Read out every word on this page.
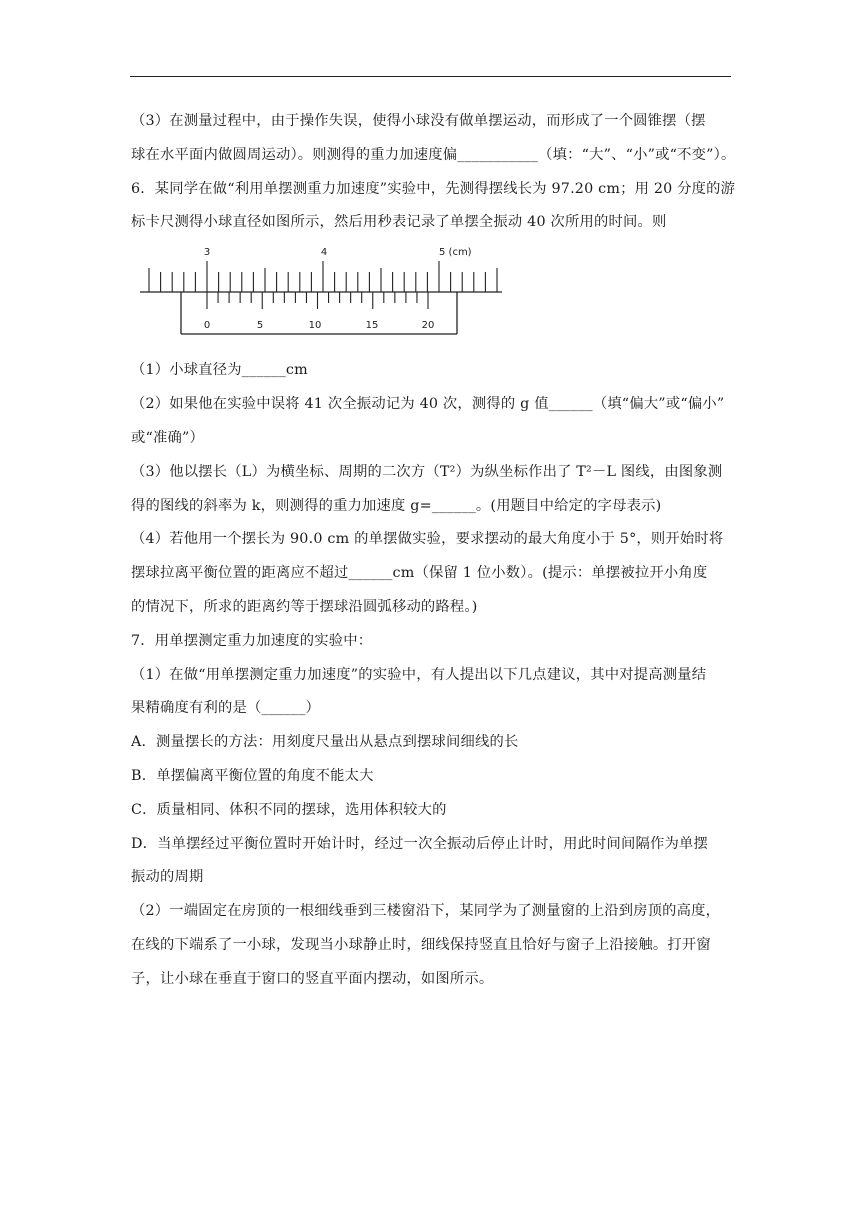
（3）在测量过程中，由于操作失误，使得小球没有做单摆运动，而形成了一个圆锥摆（摆
球在水平面内做圆周运动）。则测得的重力加速度偏___________（填：“大”、“小”或“不变”）。
6．某同学在做“利用单摆测重力加速度”实验中，先测得摆线长为 97.20 cm；用 20 分度的游
标卡尺测得小球直径如图所示，然后用秒表记录了单摆全振动 40 次所用的时间。则
3	4	5 (cm)
0	5	10	15	20
（1）小球直径为______cm
（2）如果他在实验中误将 41 次全振动记为 40 次，测得的 g 值______（填“偏大”或“偏小”
或“准确”）
（3）他以摆长（L）为横坐标、周期的二次方（T²）为纵坐标作出了 T²－L 图线，由图象测
得的图线的斜率为 k，则测得的重力加速度 g=______。(用题目中给定的字母表示)
（4）若他用一个摆长为 90.0 cm 的单摆做实验，要求摆动的最大角度小于 5°，则开始时将
摆球拉离平衡位置的距离应不超过______cm（保留 1 位小数）。(提示：单摆被拉开小角度
的情况下，所求的距离约等于摆球沿圆弧移动的路程。)
7．用单摆测定重力加速度的实验中：
（1）在做“用单摆测定重力加速度”的实验中，有人提出以下几点建议，其中对提高测量结
果精确度有利的是（______）
A．测量摆长的方法：用刻度尺量出从悬点到摆球间细线的长
B．单摆偏离平衡位置的角度不能太大
C．质量相同、体积不同的摆球，选用体积较大的
D．当单摆经过平衡位置时开始计时，经过一次全振动后停止计时，用此时间间隔作为单摆
振动的周期
（2）一端固定在房顶的一根细线垂到三楼窗沿下，某同学为了测量窗的上沿到房顶的高度，
在线的下端系了一小球，发现当小球静止时，细线保持竖直且恰好与窗子上沿接触。打开窗
子，让小球在垂直于窗口的竖直平面内摆动，如图所示。
